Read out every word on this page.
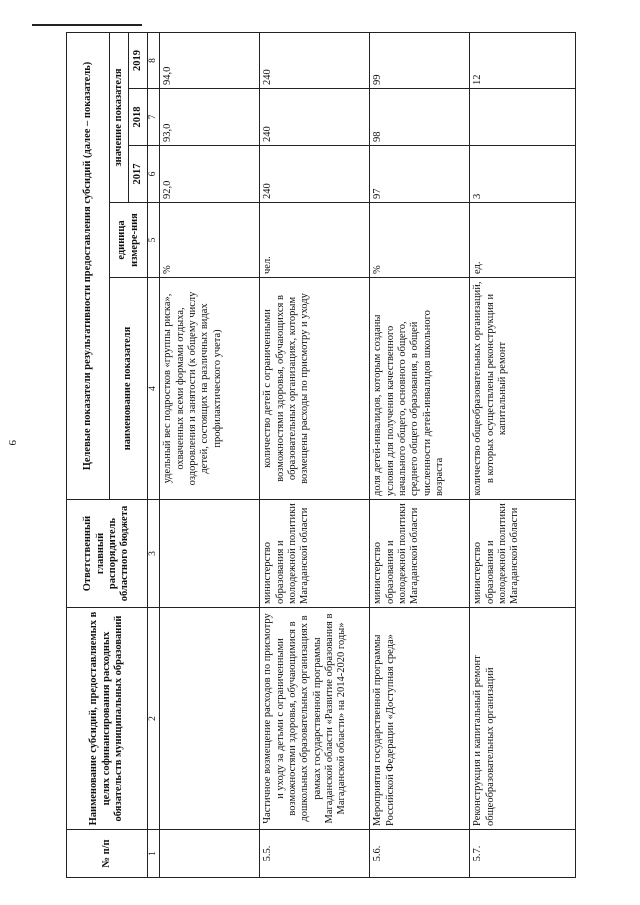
9
№ п/п	Наименование субсидий, предоставляемых в целях софинансирования расходных обязательств муниципальных образований	Ответственный главный распорядитель областного бюджета	Целевые показатели результативности предоставления субсидий (далее – показатель)				
			наименование показателя	единица измере-ния	значение показателя		
					2017	2018	2019
1	2	3	4	5	6	7	8
			удельный вес подростков «группы риска», охваченных всеми формами отдыха, оздоровления и занятости (к общему числу детей, состоящих на различных видах профилактического учета)	%	92,0	93,0	94,0
5.5.	Частичное возмещение расходов по присмотру и уходу за детьми с ограниченными возможностями здоровья, обучающимися в дошкольных образовательных организациях в рамках государственной программы Магаданской области «Развитие образования в Магаданской области» на 2014-2020 годы»	министерство образования и молодежной политики Магаданской области	количество детей с ограниченными возможностями здоровья, обучающихся в образовательных организациях, которым возмещены расходы по присмотру и уходу	чел.	240	240	240
5.6.	Мероприятия государственной программы Российской Федерации «Доступная среда»	министерство образования и молодежной политики Магаданской области	доля детей-инвалидов, которым созданы условия для получения качественного начального общего, основного общего, среднего общего образования, в общей численности детей-инвалидов школьного возраста	%	97	98	99
5.7.	Реконструкция и капитальный ремонт общеобразовательных организаций	министерство образования и молодежной политики Магаданской области	количество общеобразовательных организаций, в которых осуществлены реконструкция и капитальный ремонт	ед.	3		12
